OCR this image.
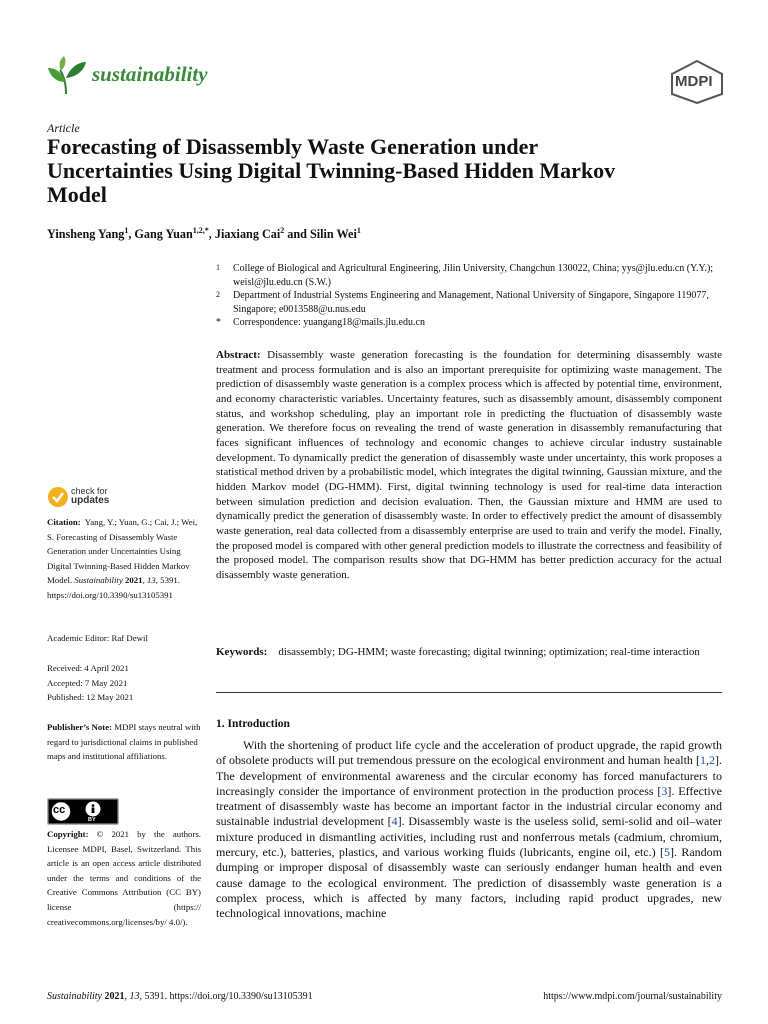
sustainability	MDPI
Article
Forecasting of Disassembly Waste Generation under Uncertainties Using Digital Twinning-Based Hidden Markov Model
Yinsheng Yang$^1$, Gang Yuan$^{1,2,*}$, Jiaxiang Cai$^2$ and Silin Wei$^1$
1 College of Biological and Agricultural Engineering, Jilin University, Changchun 130022, China; yys@jlu.edu.cn (Y.Y.); weisl@jlu.edu.cn (S.W.)
2 Department of Industrial Systems Engineering and Management, National University of Singapore, Singapore 119077, Singapore; e0013588@u.nus.edu
* Correspondence: yuangang18@mails.jlu.edu.cn
Abstract: Disassembly waste generation forecasting is the foundation for determining disassembly waste treatment and process formulation and is also an important prerequisite for optimizing waste management. The prediction of disassembly waste generation is a complex process which is affected by potential time, environment, and economy characteristic variables. Uncertainty features, such as disassembly amount, disassembly component status, and workshop scheduling, play an important role in predicting the fluctuation of disassembly waste generation. We therefore focus on revealing the trend of waste generation in disassembly remanufacturing that faces significant influences of technology and economic changes to achieve circular industry sustainable development. To dynamically predict the generation of disassembly waste under uncertainty, this work proposes a statistical method driven by a probabilistic model, which integrates the digital twinning, Gaussian mixture, and the hidden Markov model (DG-HMM). First, digital twinning technology is used for real-time data interaction between simulation prediction and decision evaluation. Then, the Gaussian mixture and HMM are used to dynamically predict the generation of disassembly waste. In order to effectively predict the amount of disassembly waste generation, real data collected from a disassembly enterprise are used to train and verify the model. Finally, the proposed model is compared with other general prediction models to illustrate the correctness and feasibility of the proposed model. The comparison results show that DG-HMM has better prediction accuracy for the actual disassembly waste generation.
Keywords: disassembly; DG-HMM; waste forecasting; digital twinning; optimization; real-time interaction
1. Introduction
With the shortening of product life cycle and the acceleration of product upgrade, the rapid growth of obsolete products will put tremendous pressure on the ecological environment and human health [1,2]. The development of environmental awareness and the circular economy has forced manufacturers to increasingly consider the importance of environment protection in the production process [3]. Effective treatment of disassembly waste has become an important factor in the industrial circular economy and sustainable industrial development [4]. Disassembly waste is the useless solid, semi-solid and oil–water mixture produced in dismantling activities, including rust and nonferrous metals (cadmium, chromium, mercury, etc.), batteries, plastics, and various working fluids (lubricants, engine oil, etc.) [5]. Random dumping or improper disposal of disassembly waste can seriously endanger human health and even cause damage to the ecological environment. The prediction of disassembly waste generation is a complex process, which is affected by many factors, including rapid product upgrades, new technological innovations, machine
check for
updates
Citation: Yang, Y.; Yuan, G.; Cai, J.; Wei, S. Forecasting of Disassembly Waste Generation under Uncertainties Using Digital Twinning-Based Hidden Markov Model. Sustainability 2021, 13, 5391. https://doi.org/10.3390/su13105391
Academic Editor: Raf Dewil
Received: 4 April 2021
Accepted: 7 May 2021
Published: 12 May 2021
Publisher’s Note: MDPI stays neutral with regard to jurisdictional claims in published maps and institutional affiliations.
cc
BY
Copyright: © 2021 by the authors. Licensee MDPI, Basel, Switzerland. This article is an open access article distributed under the terms and conditions of the Creative Commons Attribution (CC BY) license (https:// creativecommons.org/licenses/by/ 4.0/).
Sustainability 2021, 13, 5391. https://doi.org/10.3390/su13105391	https://www.mdpi.com/journal/sustainability
